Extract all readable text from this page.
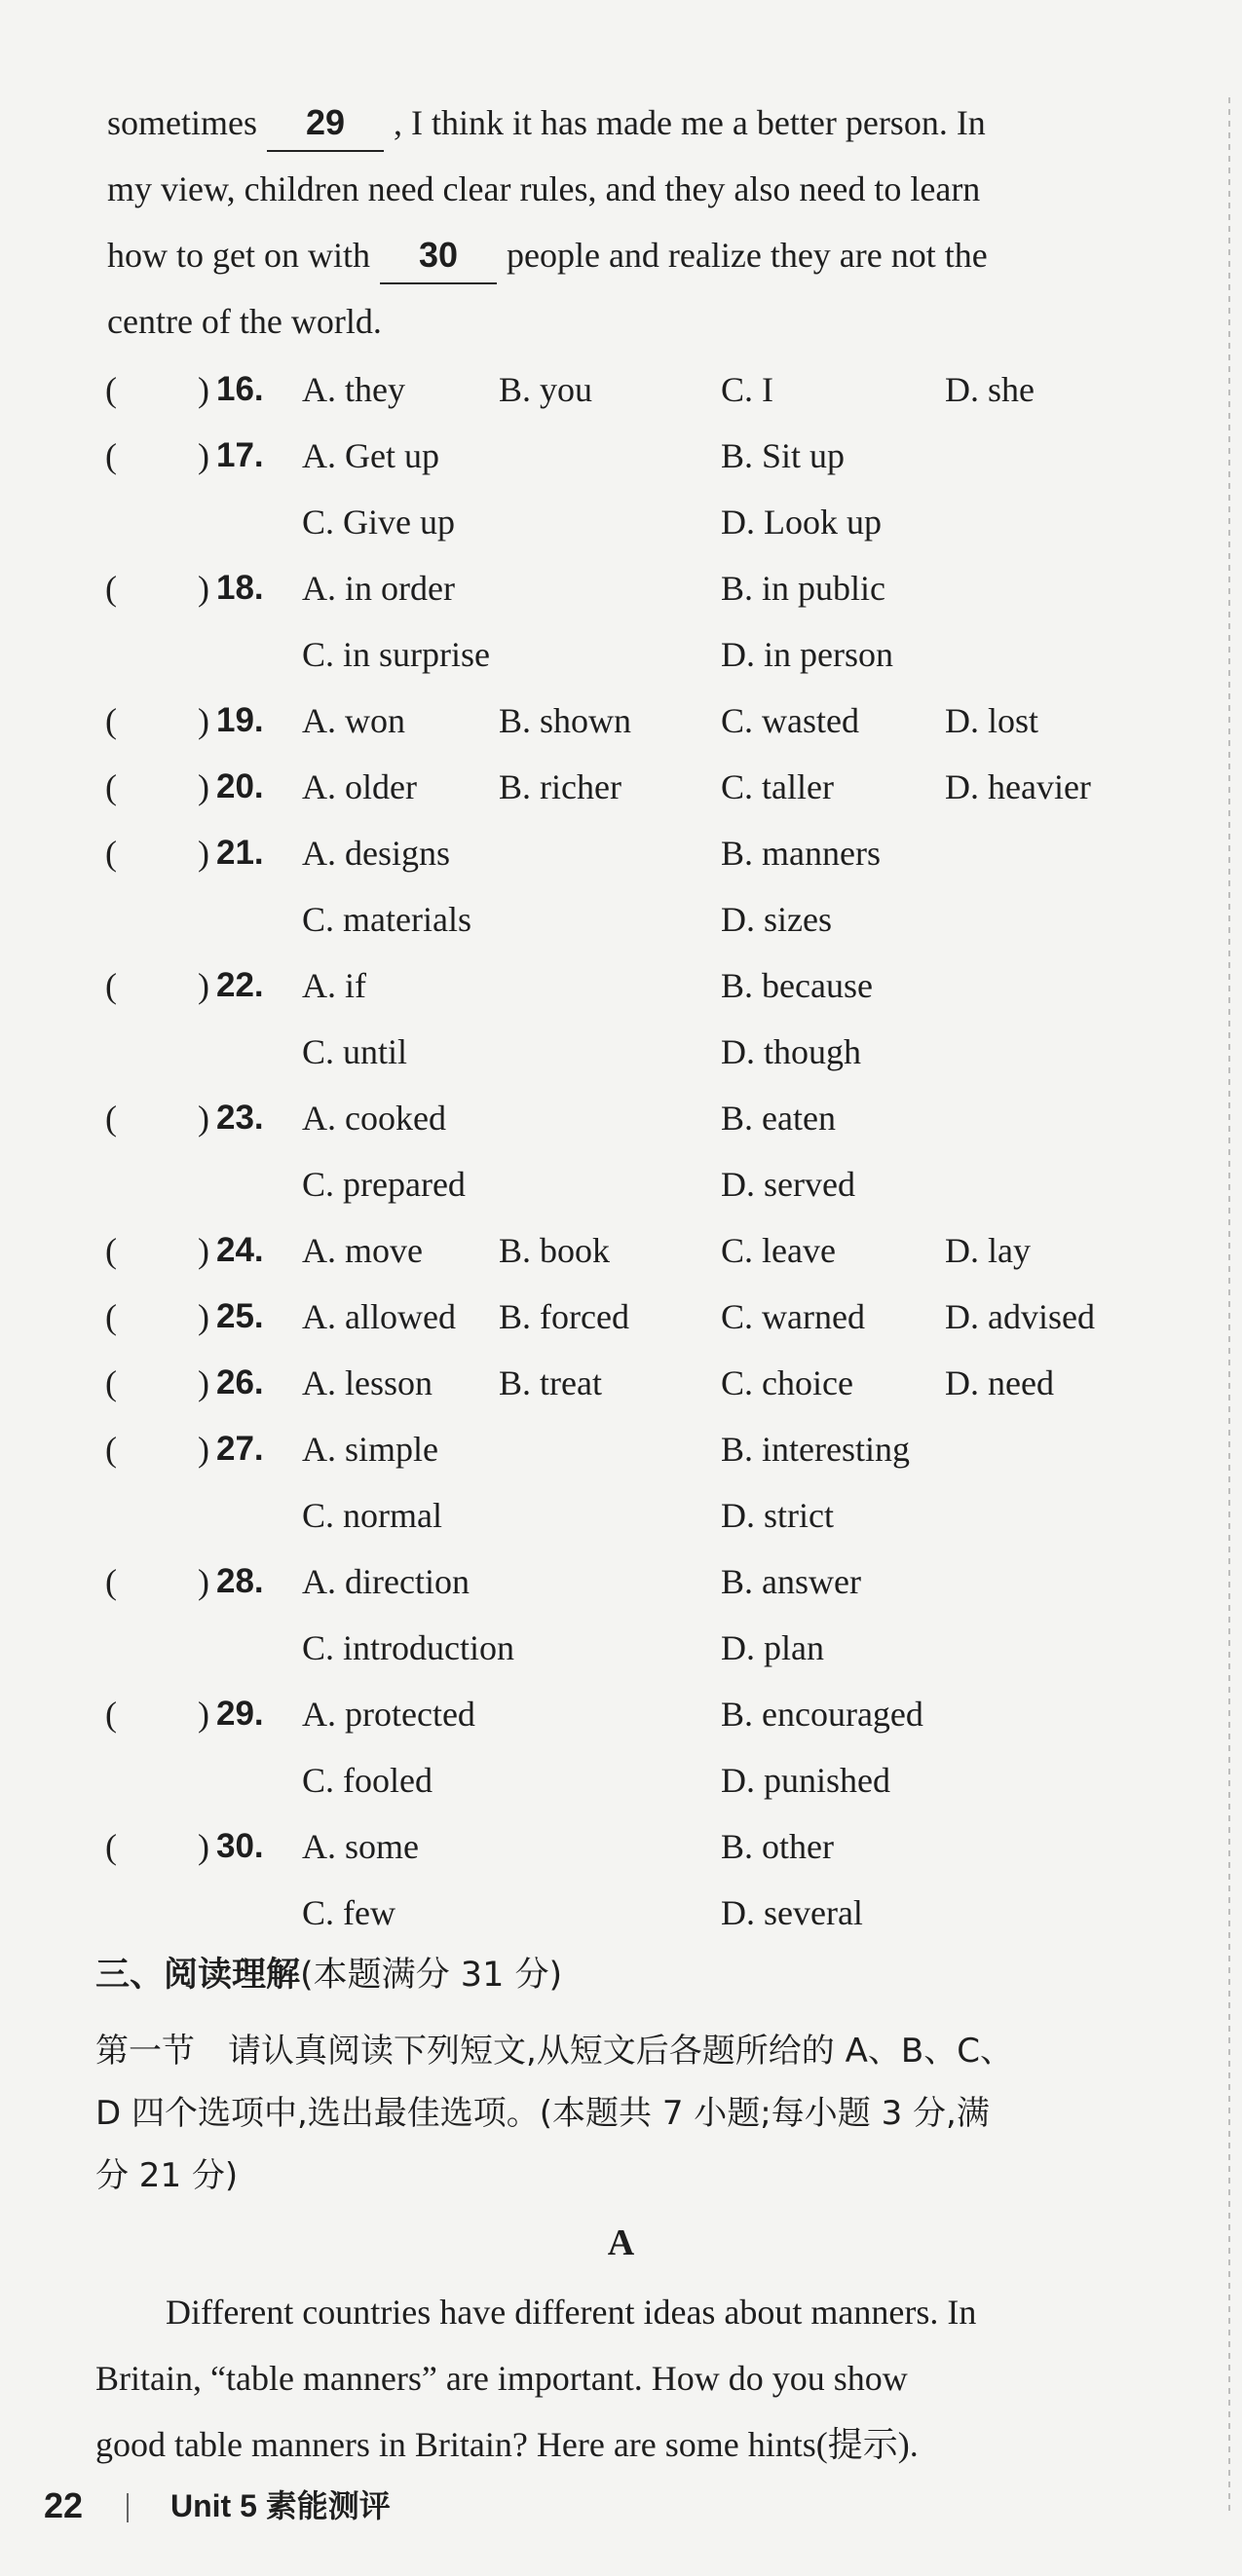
sometimes 29 , I think it has made me a better person. In
my view, children need clear rules, and they also need to learn
how to get on with 30 people and realize they are not the
centre of the world.
( ) 16. A. they	B. you	C. I	D. she
( ) 17. A. Get up	B. Sit up
C. Give up	D. Look up
( ) 18. A. in order	B. in public
C. in surprise	D. in person
( ) 19. A. won	B. shown	C. wasted D. lost
( ) 20. A. older B. richer	C. taller	D. heavier
( ) 21. A. designs	B. manners
C. materials	D. sizes
( ) 22. A. if	B. because
C. until	D. though
( ) 23. A. cooked	B. eaten
C. prepared	D. served
( ) 24. A. move B. book	C. leave	D. lay
( ) 25. A. allowed B. forced	C. warned D. advised
( ) 26. A. lesson B. treat	C. choice	D. need
( ) 27. A. simple	B. interesting
C. normal	D. strict
( ) 28. A. direction	B. answer
C. introduction	D. plan
( ) 29. A. protected	B. encouraged
C. fooled	D. punished
( ) 30. A. some	B. other
C. few	D. several
三、阅读理解(本题满分 31 分)
第一节　请认真阅读下列短文,从短文后各题所给的 A、B、C、
D 四个选项中,选出最佳选项。(本题共 7 小题;每小题 3 分,满
分 21 分)
A
Different countries have different ideas about manners. In
Britain, “table manners” are important. How do you show
good table manners in Britain? Here are some hints(提示).
22	Unit 5 素能测评
